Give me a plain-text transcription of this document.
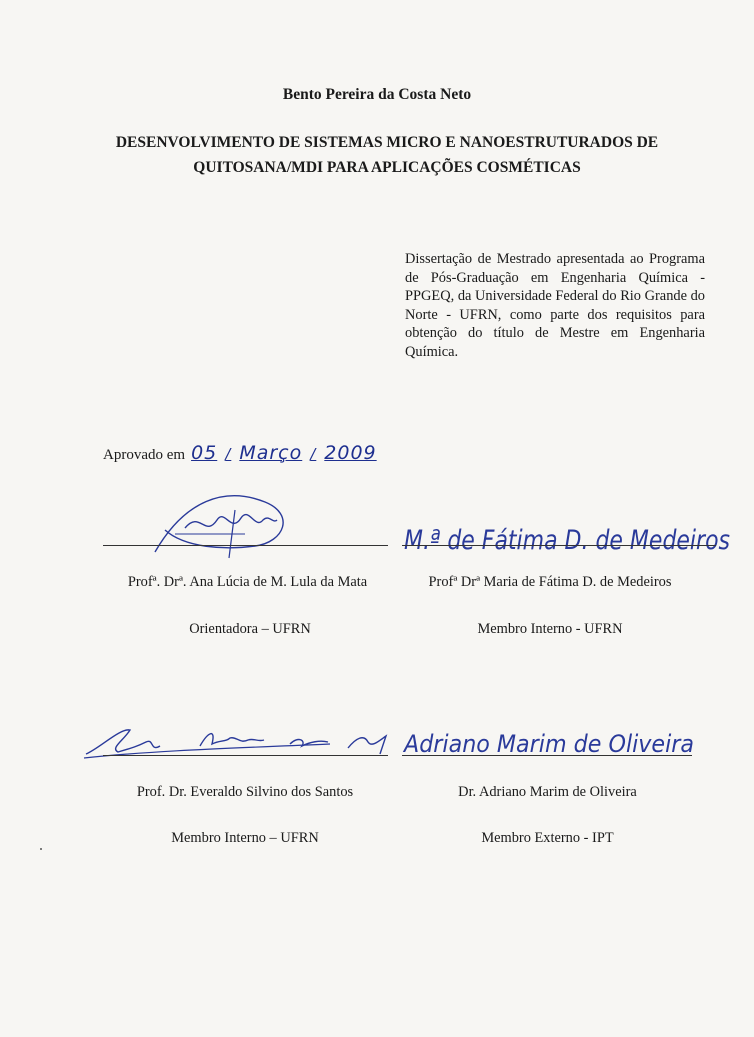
Bento Pereira da Costa Neto
DESENVOLVIMENTO DE SISTEMAS MICRO E NANOESTRUTURADOS DE
QUITOSANA/MDI PARA APLICAÇÕES COSMÉTICAS
Dissertação de Mestrado apresentada ao Programa de Pós-Graduação em Engenharia Química - PPGEQ, da Universidade Federal do Rio Grande do Norte - UFRN, como parte dos requisitos para obtenção do título de Mestre em Engenharia Química.
Aprovado em 05 / Março / 2009
M.ª de Fátima D. de Medeiros
Profª. Drª. Ana Lúcia de M. Lula da Mata	Profª Drª Maria de Fátima D. de Medeiros
Orientadora – UFRN	Membro Interno - UFRN
Adriano Marim de Oliveira
Prof. Dr. Everaldo Silvino dos Santos	Dr. Adriano Marim de Oliveira
Membro Interno – UFRN	Membro Externo - IPT
